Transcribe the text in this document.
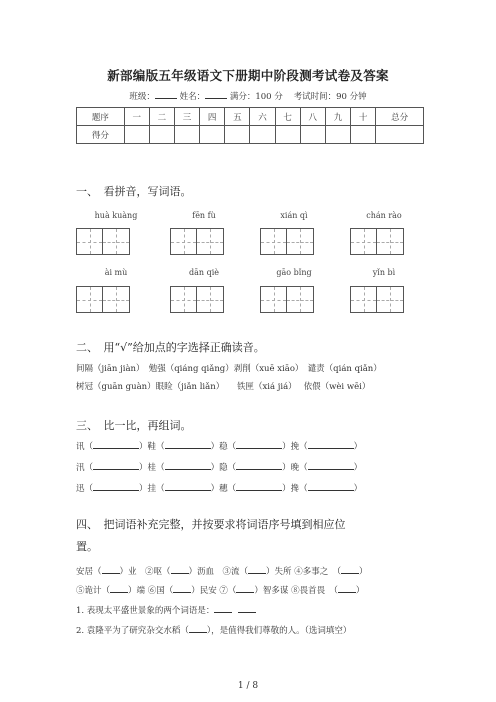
新部编版五年级语文下册期中阶段测考试卷及答案
班级：	姓名：	满分：100 分 考试时间：90 分钟
题序	一	二	三	四	五	六	七	八	九	十	总分
得分											
一、　看拼音，写词语。
huà kuàng	fēn fù	xián qì	chán rào
ài mù	dān qiè	gāo bǐng	yǐn bì
二、　用“√”给加点的字选择正确读音。
间隔（jiān jiàn）　勉强（qiáng qiǎng）剥削（xuē xiāo）　谴责（qián qiǎn）
树冠（guān guàn）眼睑（jiǎn liǎn）　　铁匣（xiá jiá）　 依偎（wèi wēi）
三、　比一比，再组词。
讯（	）鞋（	）稳（	）挽（	）
汛（	）桂（	）隐（	）晚（	）
迅（	）挂（	）穗（	）搀（	）
四、　把词语补充完整，并按要求将词语序号填到相应位
置。
安居（ ）业　②呕（ ）沥血　③流（ ）失所 ④多事之　（ ）
⑤诡计（ ）端 ⑥国（ ）民安 ⑦（ ）智多谋 ⑧畏首畏　（ ）
1. 表现太平盛世景象的两个词语是：
2. 袁隆平为了研究杂交水稻（ ），是值得我们尊敬的人。（选词填空）
1 / 8
